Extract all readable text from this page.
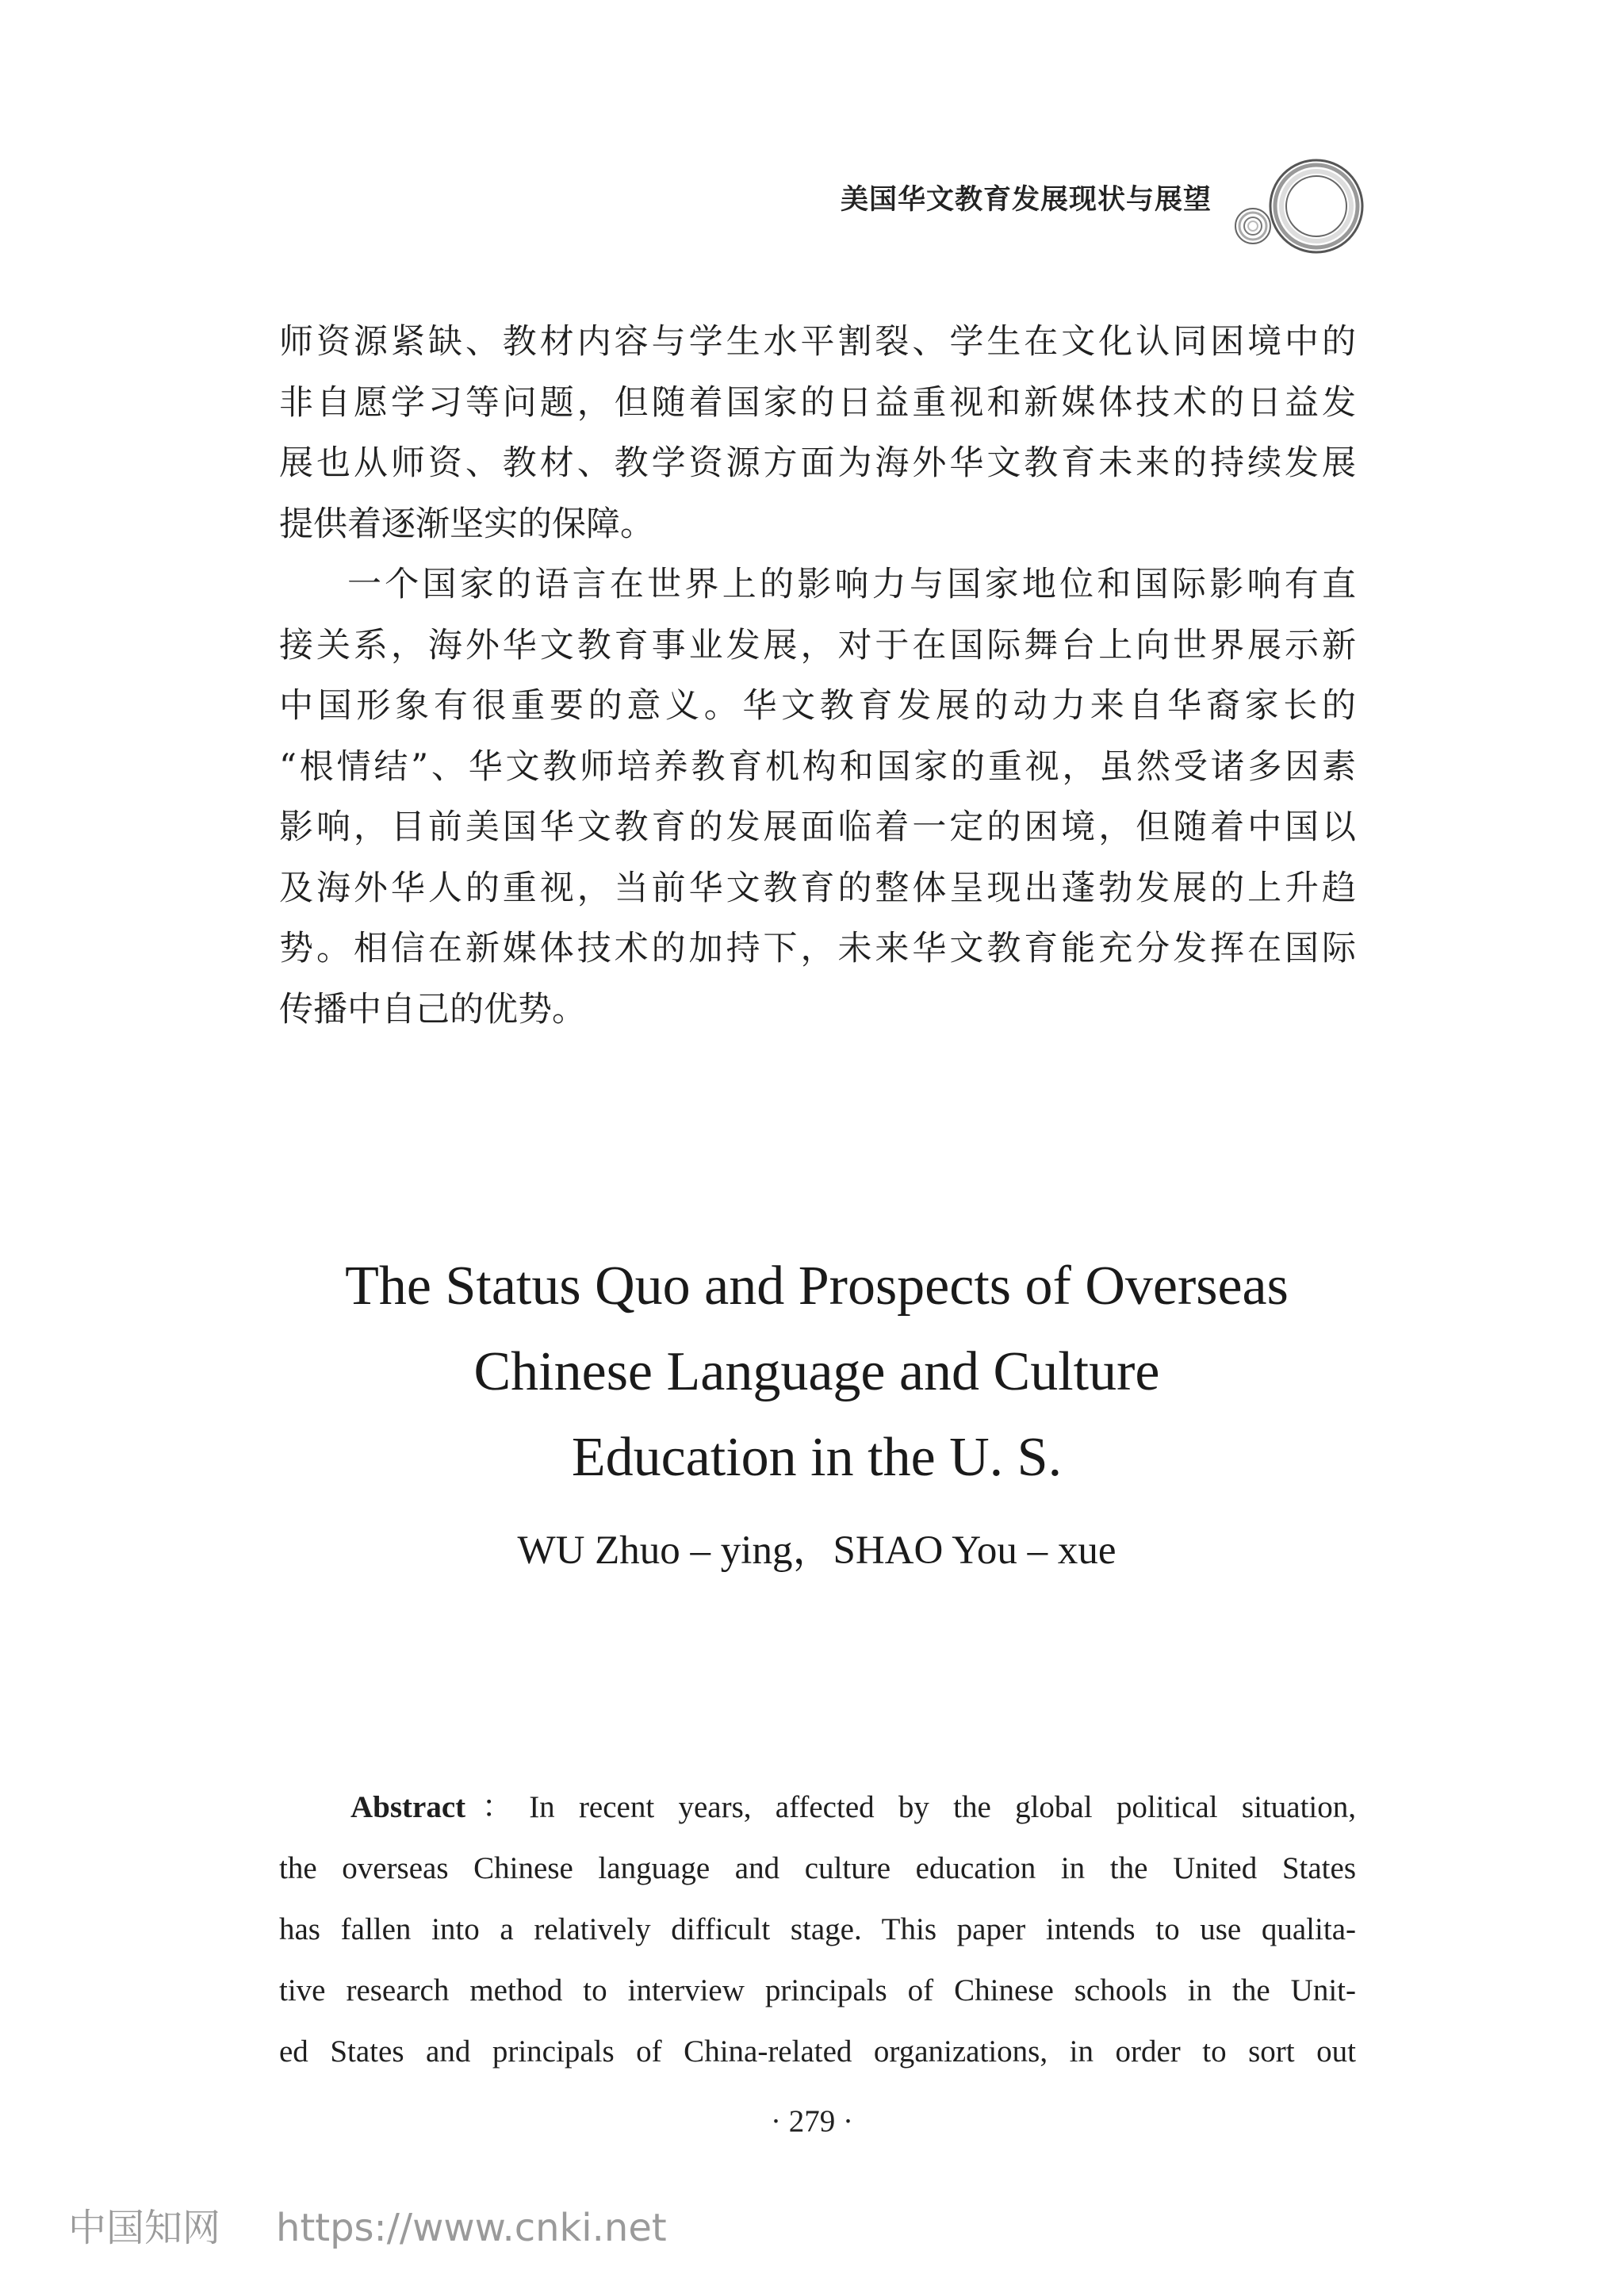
美国华文教育发展现状与展望
师资源紧缺、教材内容与学生水平割裂、学生在文化认同困境中的
非自愿学习等问题，但随着国家的日益重视和新媒体技术的日益发
展也从师资、教材、教学资源方面为海外华文教育未来的持续发展
提供着逐渐坚实的保障。
一个国家的语言在世界上的影响力与国家地位和国际影响有直
接关系，海外华文教育事业发展，对于在国际舞台上向世界展示新
中国形象有很重要的意义。华文教育发展的动力来自华裔家长的
“根情结”、华文教师培养教育机构和国家的重视，虽然受诸多因素
影响，目前美国华文教育的发展面临着一定的困境，但随着中国以
及海外华人的重视，当前华文教育的整体呈现出蓬勃发展的上升趋
势。相信在新媒体技术的加持下，未来华文教育能充分发挥在国际
传播中自己的优势。
The Status Quo and Prospects of Overseas
Chinese Language and Culture
Education in the U. S.
WU Zhuo – ying，SHAO You – xue
Abstract：In recent years, affected by the global political situation,
the overseas Chinese language and culture education in the United States
has fallen into a relatively difficult stage. This paper intends to use qualita-
tive research method to interview principals of Chinese schools in the Unit-
ed States and principals of China-related organizations, in order to sort out
· 279 ·
中国知网 https://www.cnki.net
